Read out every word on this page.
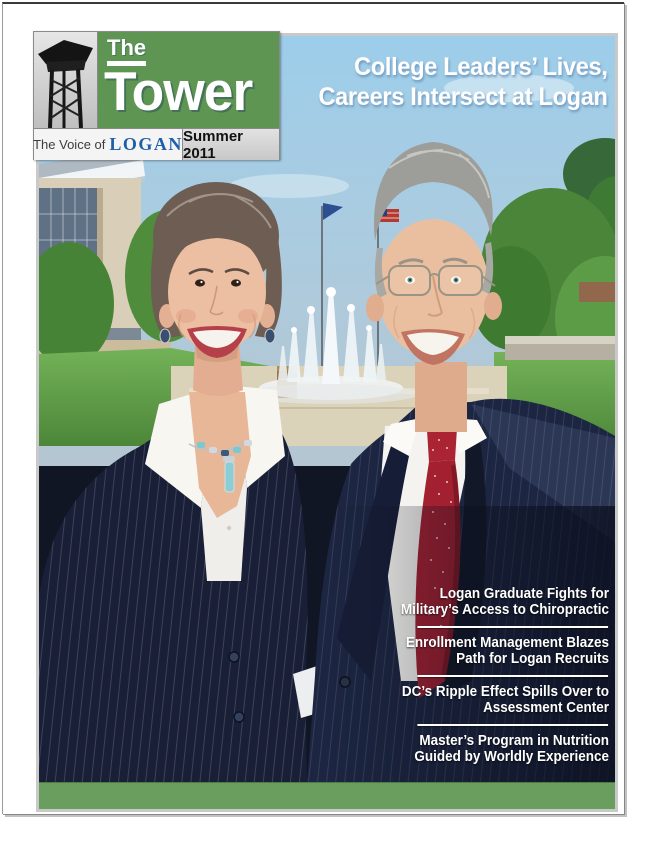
College Leaders’ Lives,
Careers Intersect at Logan
Logan Graduate Fights for
Military’s Access to Chiropractic
Enrollment Management Blazes
Path for Logan Recruits
DC’s Ripple Effect Spills Over to
Assessment Center
Master’s Program in Nutrition
Guided by Worldly Experience
The
Tower
The Voice of LOGAN Summer 2011
